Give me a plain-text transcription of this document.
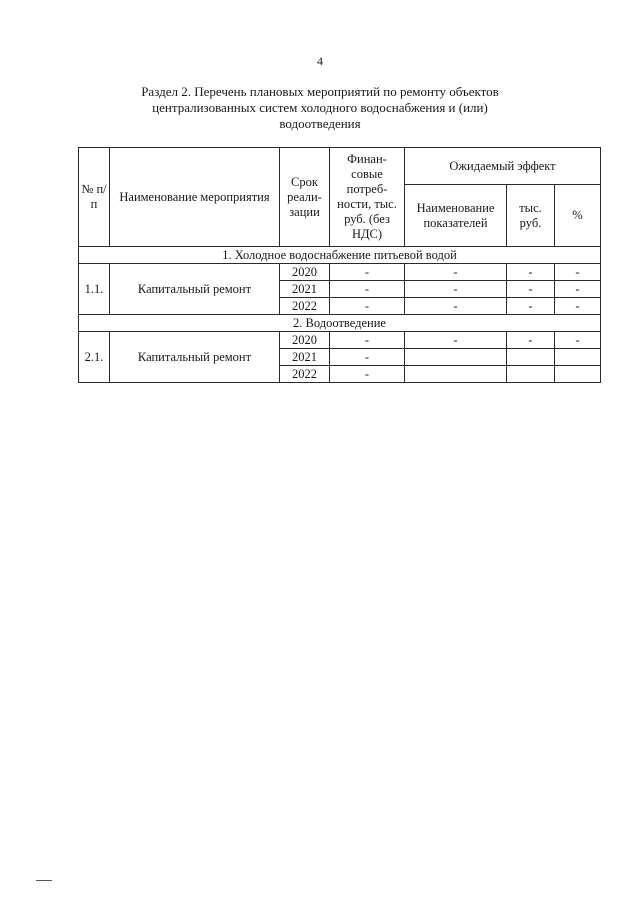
4
Раздел 2. Перечень плановых мероприятий по ремонту объектов
централизованных систем холодного водоснабжения и (или)
водоотведения
№ п/п	Наименование мероприятия	Срок реали-зации	Финан-совые потреб-ности, тыс. руб. (без НДС)	Ожидаемый эффект		
				Наименование показателей	тыс. руб.	%
1. Холодное водоснабжение питьевой водой						
1.1.	Капитальный ремонт	2020	-	-	-	-
		2021	-	-	-	-
		2022	-	-	-	-
2. Водоотведение						
2.1.	Капитальный ремонт	2020	-	-	-	-
		2021	-			
		2022	-			
